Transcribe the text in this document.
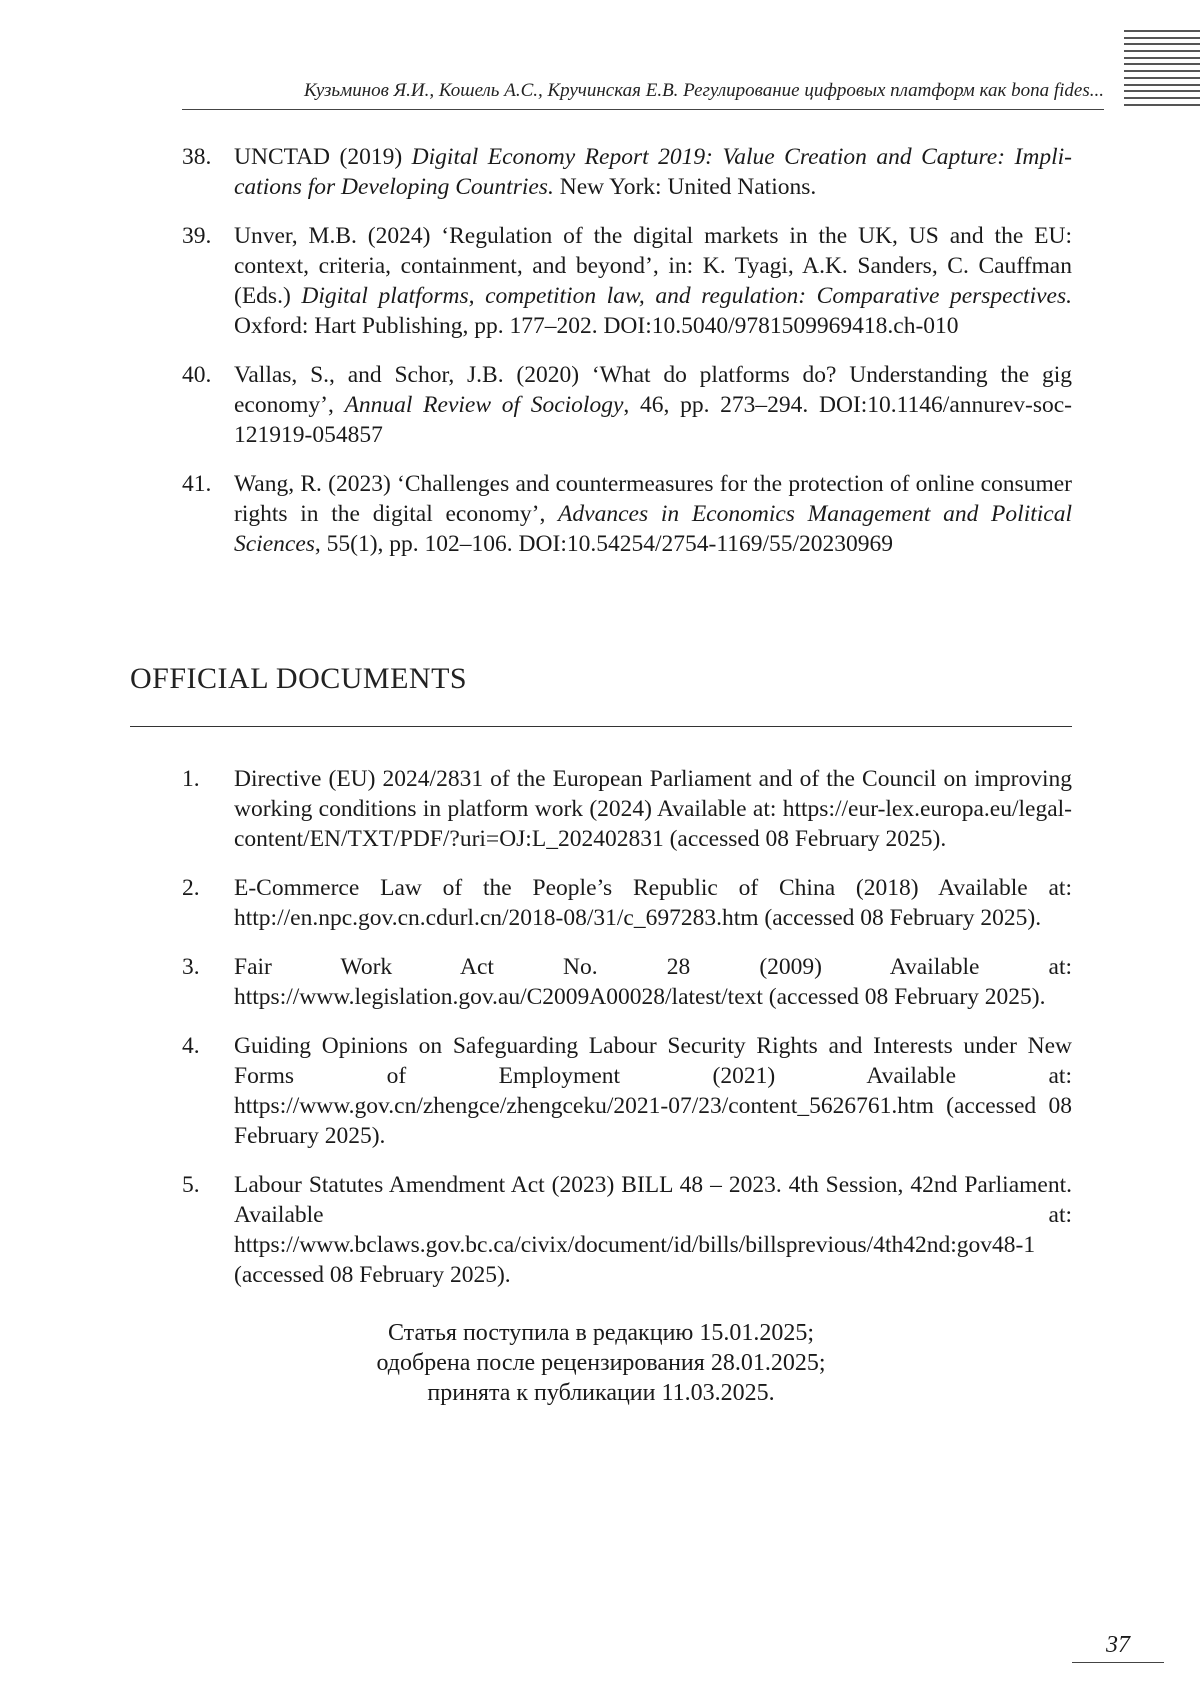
Кузьминов Я.И., Кошель А.С., Кручинская Е.В. Регулирование цифровых платформ как bona fides...
38. UNCTAD (2019) Digital Economy Report 2019: Value Creation and Capture: Implications for Developing Countries. New York: United Nations.
39. Unver, M.B. (2024) ‘Regulation of the digital markets in the UK, US and the EU: context, criteria, containment, and beyond’, in: K. Tyagi, A.K. Sanders, C. Cauffman (Eds.) Digital platforms, competition law, and regulation: Comparative perspectives. Oxford: Hart Publishing, pp. 177–202. DOI:10.5040/9781509969418.ch-010
40. Vallas, S., and Schor, J.B. (2020) ‘What do platforms do? Understanding the gig economy’, Annual Review of Sociology, 46, pp. 273–294. DOI:10.1146/annurev-soc-121919-054857
41. Wang, R. (2023) ‘Challenges and countermeasures for the protection of online consumer rights in the digital economy’, Advances in Economics Management and Political Sciences, 55(1), pp. 102–106. DOI:10.54254/2754-1169/55/20230969
OFFICIAL DOCUMENTS
1.	Directive (EU) 2024/2831 of the European Parliament and of the Council on improving working conditions in platform work (2024) Available at: https://eur-lex.europa.eu/legal-content/EN/TXT/PDF/?uri=OJ:L_202402831 (accessed 08 February 2025).
2.	E-Commerce Law of the People’s Republic of China (2018) Available at: http://en.npc.gov.cn.cdurl.cn/2018-08/31/c_697283.htm (accessed 08 February 2025).
3.	Fair Work Act No. 28 (2009) Available at: https://www.legislation.gov.au/C2009A00028/latest/text (accessed 08 February 2025).
4.	Guiding Opinions on Safeguarding Labour Security Rights and Interests under New Forms of Employment (2021) Available at: https://www.gov.cn/zhengce/zhengceku/2021-07/23/content_5626761.htm (accessed 08 February 2025).
5.	Labour Statutes Amendment Act (2023) BILL 48 – 2023. 4th Session, 42nd Parliament. Available at: https://www.bclaws.gov.bc.ca/civix/document/id/bills/billsprevious/4th42nd:gov48-1 (accessed 08 February 2025).
Статья поступила в редакцию 15.01.2025;
одобрена после рецензирования 28.01.2025;
принята к публикации 11.03.2025.
37
